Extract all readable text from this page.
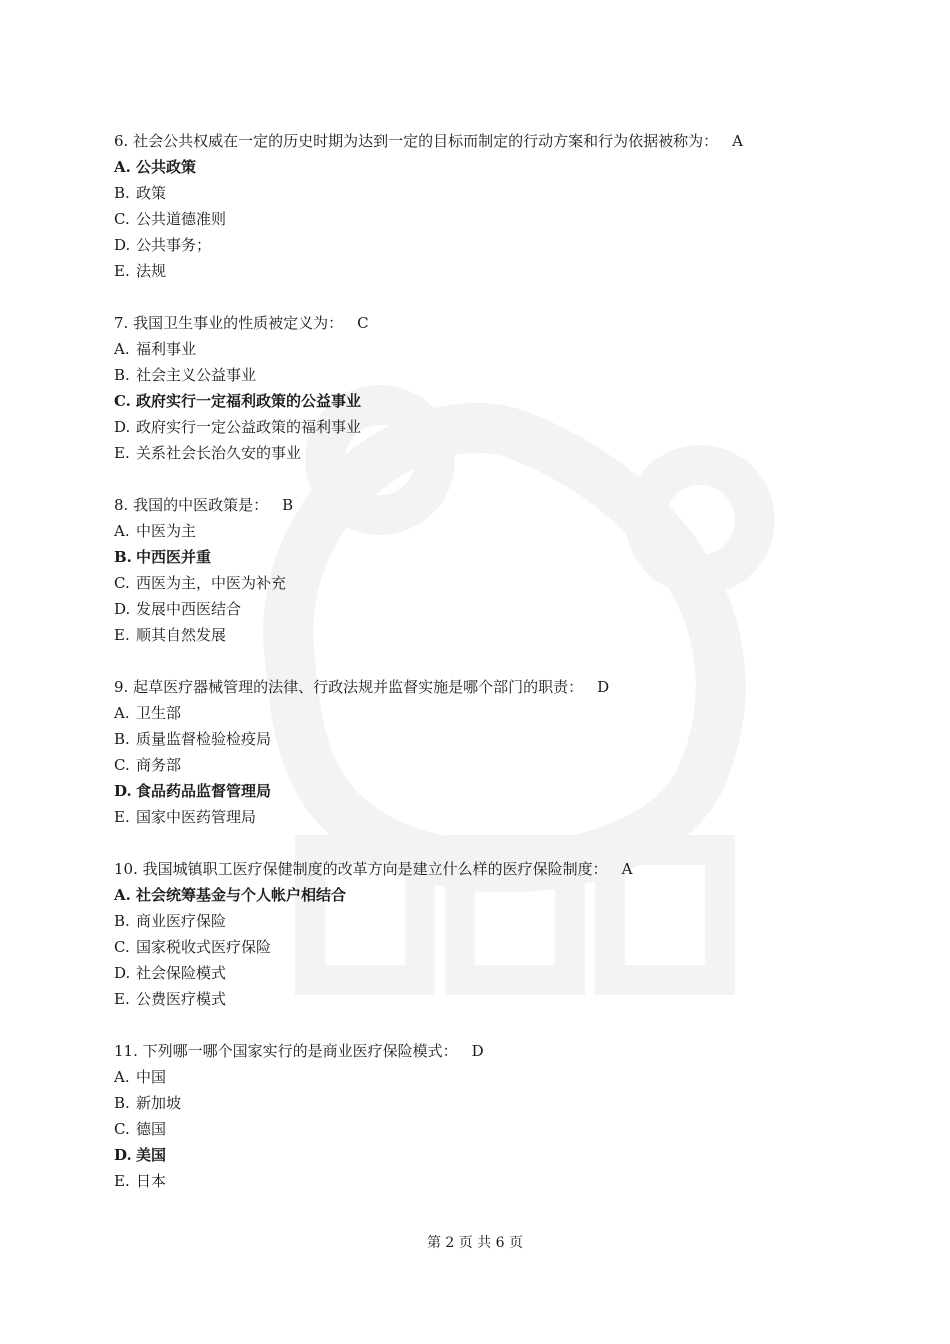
6. 社会公共权威在一定的历史时期为达到一定的目标而制定的行动方案和行为依据被称为： A
A. 公共政策
B. 政策
C. 公共道德准则
D. 公共事务；
E. 法规
7. 我国卫生事业的性质被定义为： C
A. 福利事业
B. 社会主义公益事业
C. 政府实行一定福利政策的公益事业
D. 政府实行一定公益政策的福利事业
E. 关系社会长治久安的事业
8. 我国的中医政策是： B
A. 中医为主
B. 中西医并重
C. 西医为主，中医为补充
D. 发展中西医结合
E. 顺其自然发展
9. 起草医疗器械管理的法律、行政法规并监督实施是哪个部门的职责： D
A. 卫生部
B. 质量监督检验检疫局
C. 商务部
D. 食品药品监督管理局
E. 国家中医药管理局
10. 我国城镇职工医疗保健制度的改革方向是建立什么样的医疗保险制度： A
A. 社会统筹基金与个人帐户相结合
B. 商业医疗保险
C. 国家税收式医疗保险
D. 社会保险模式
E. 公费医疗模式
11. 下列哪一哪个国家实行的是商业医疗保险模式： D
A. 中国
B. 新加坡
C. 德国
D. 美国
E. 日本
第 2 页 共 6 页
